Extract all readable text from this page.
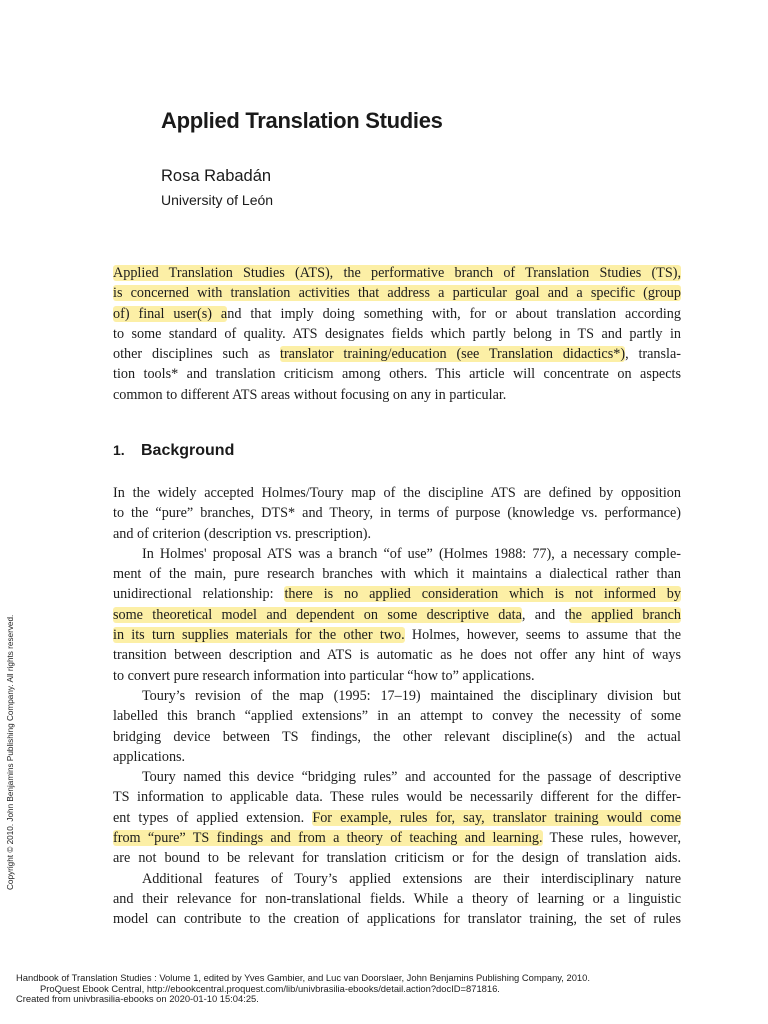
Applied Translation Studies
Rosa Rabadán
University of León
Applied Translation Studies (ATS), the performative branch of Translation Studies (TS),
is concerned with translation activities that address a particular goal and a specific (group
of) final user(s) and that imply doing something with, for or about translation according
to some standard of quality. ATS designates fields which partly belong in TS and partly in
other disciplines such as translator training/education (see Translation didactics*), transla-
tion tools* and translation criticism among others. This article will concentrate on aspects
common to different ATS areas without focusing on any in particular.
1. Background
In the widely accepted Holmes/Toury map of the discipline ATS are defined by opposition
to the “pure” branches, DTS* and Theory, in terms of purpose (knowledge vs. performance)
and of criterion (description vs. prescription).
In Holmes' proposal ATS was a branch “of use” (Holmes 1988: 77), a necessary comple-
ment of the main, pure research branches with which it maintains a dialectical rather than
unidirectional relationship: there is no applied consideration which is not informed by
some theoretical model and dependent on some descriptive data, and the applied branch
in its turn supplies materials for the other two. Holmes, however, seems to assume that the
transition between description and ATS is automatic as he does not offer any hint of ways
to convert pure research information into particular “how to” applications.
Toury’s revision of the map (1995: 17–19) maintained the disciplinary division but
labelled this branch “applied extensions” in an attempt to convey the necessity of some
bridging device between TS findings, the other relevant discipline(s) and the actual
applications.
Toury named this device “bridging rules” and accounted for the passage of descriptive
TS information to applicable data. These rules would be necessarily different for the differ-
ent types of applied extension. For example, rules for, say, translator training would come
from “pure” TS findings and from a theory of teaching and learning. These rules, however,
are not bound to be relevant for translation criticism or for the design of translation aids.
Additional features of Toury’s applied extensions are their interdisciplinary nature
and their relevance for non-translational fields. While a theory of learning or a linguistic
model can contribute to the creation of applications for translator training, the set of rules
Copyright © 2010. John Benjamins Publishing Company. All rights reserved.
Handbook of Translation Studies : Volume 1, edited by Yves Gambier, and Luc van Doorslaer, John Benjamins Publishing Company, 2010.
ProQuest Ebook Central, http://ebookcentral.proquest.com/lib/univbrasilia-ebooks/detail.action?docID=871816.
Created from univbrasilia-ebooks on 2020-01-10 15:04:25.
